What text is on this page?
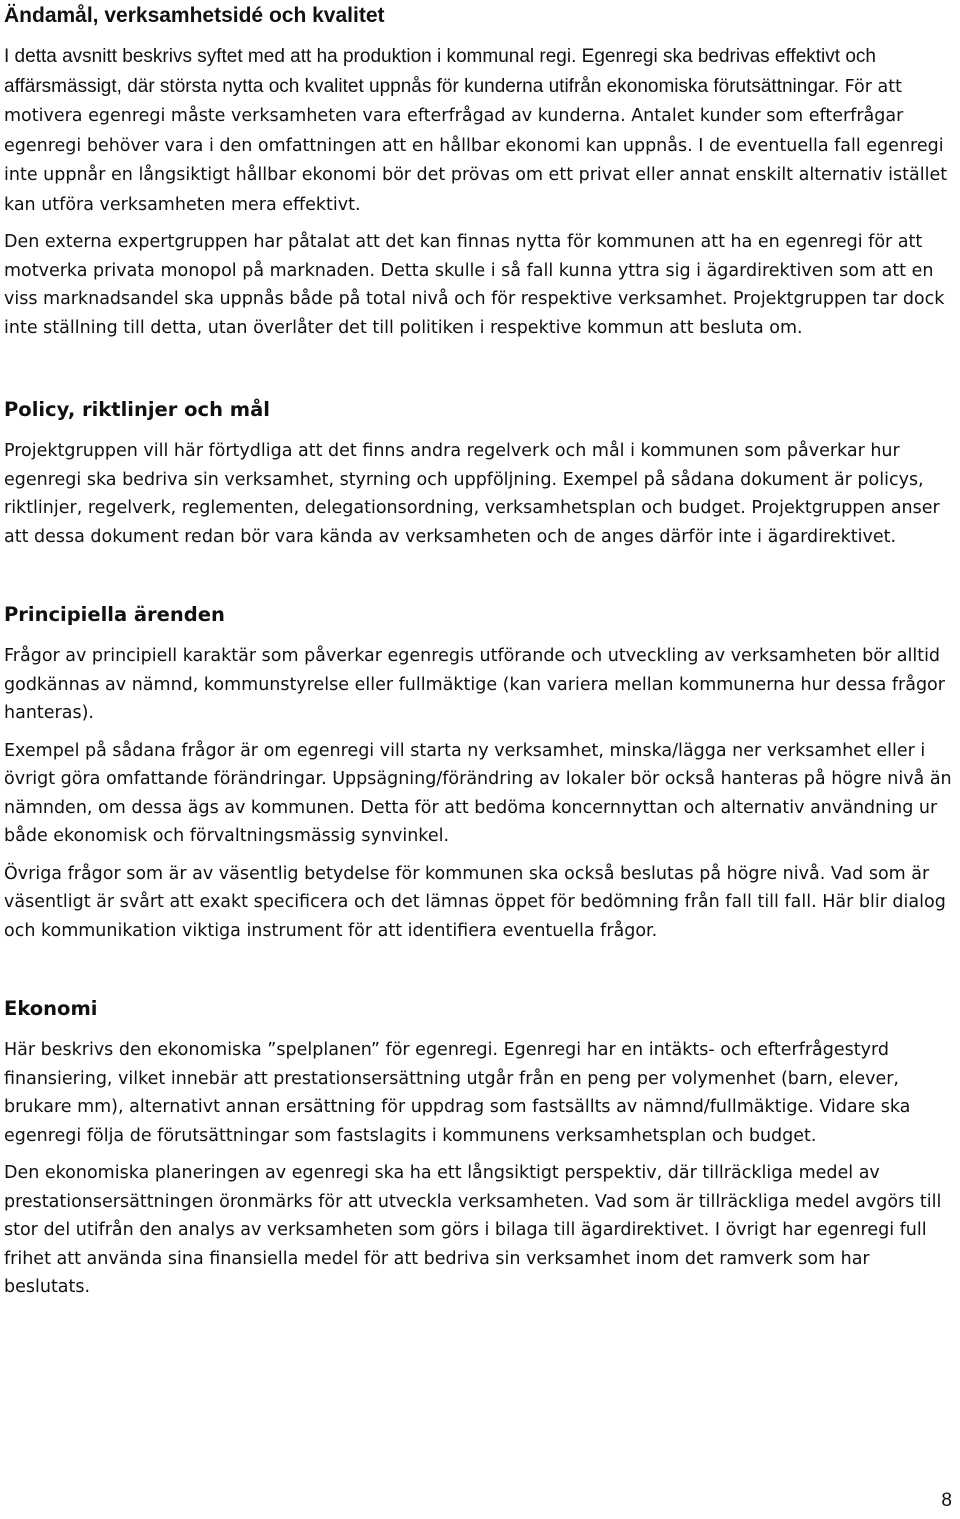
Ändamål, verksamhetsidé och kvalitet

I detta avsnitt beskrivs syftet med att ha produktion i kommunal regi. Egenregi ska bedrivas effektivt och affärsmässigt, där största nytta och kvalitet uppnås för kunderna utifrån ekonomiska förutsättningar. För att motivera egenregi måste verksamheten vara efterfrågad av kunderna. Antalet kunder som efterfrågar egenregi behöver vara i den omfattningen att en hållbar ekonomi kan uppnås. I de eventuella fall egenregi inte uppnår en långsiktigt hållbar ekonomi bör det prövas om ett privat eller annat enskilt alternativ istället kan utföra verksamheten mera effektivt.

Den externa expertgruppen har påtalat att det kan finnas nytta för kommunen att ha en egenregi för att motverka privata monopol på marknaden. Detta skulle i så fall kunna yttra sig i ägardirektiven som att en viss marknadsandel ska uppnås både på total nivå och för respektive verksamhet. Projektgruppen tar dock inte ställning till detta, utan överlåter det till politiken i respektive kommun att besluta om.

Policy, riktlinjer och mål

Projektgruppen vill här förtydliga att det finns andra regelverk och mål i kommunen som påverkar hur egenregi ska bedriva sin verksamhet, styrning och uppföljning. Exempel på sådana dokument är policys, riktlinjer, regelverk, reglementen, delegationsordning, verksamhetsplan och budget. Projektgruppen anser att dessa dokument redan bör vara kända av verksamheten och de anges därför inte i ägardirektivet.

Principiella ärenden

Frågor av principiell karaktär som påverkar egenregis utförande och utveckling av verksamheten bör alltid godkännas av nämnd, kommunstyrelse eller fullmäktige (kan variera mellan kommunerna hur dessa frågor hanteras).

Exempel på sådana frågor är om egenregi vill starta ny verksamhet, minska/lägga ner verksamhet eller i övrigt göra omfattande förändringar. Uppsägning/förändring av lokaler bör också hanteras på högre nivå än nämnden, om dessa ägs av kommunen. Detta för att bedöma koncernnyttan och alternativ användning ur både ekonomisk och förvaltningsmässig synvinkel.

Övriga frågor som är av väsentlig betydelse för kommunen ska också beslutas på högre nivå. Vad som är väsentligt är svårt att exakt specificera och det lämnas öppet för bedömning från fall till fall. Här blir dialog och kommunikation viktiga instrument för att identifiera eventuella frågor.

Ekonomi

Här beskrivs den ekonomiska ”spelplanen” för egenregi. Egenregi har en intäkts- och efterfrågestyrd finansiering, vilket innebär att prestationsersättning utgår från en peng per volymenhet (barn, elever, brukare mm), alternativt annan ersättning för uppdrag som fastsällts av nämnd/fullmäktige. Vidare ska egenregi följa de förutsättningar som fastslagits i kommunens verksamhetsplan och budget.

Den ekonomiska planeringen av egenregi ska ha ett långsiktigt perspektiv, där tillräckliga medel av prestationsersättningen öronmärks för att utveckla verksamheten. Vad som är tillräckliga medel avgörs till stor del utifrån den analys av verksamheten som görs i bilaga till ägardirektivet. I övrigt har egenregi full frihet att använda sina finansiella medel för att bedriva sin verksamhet inom det ramverk som har beslutats.

8
